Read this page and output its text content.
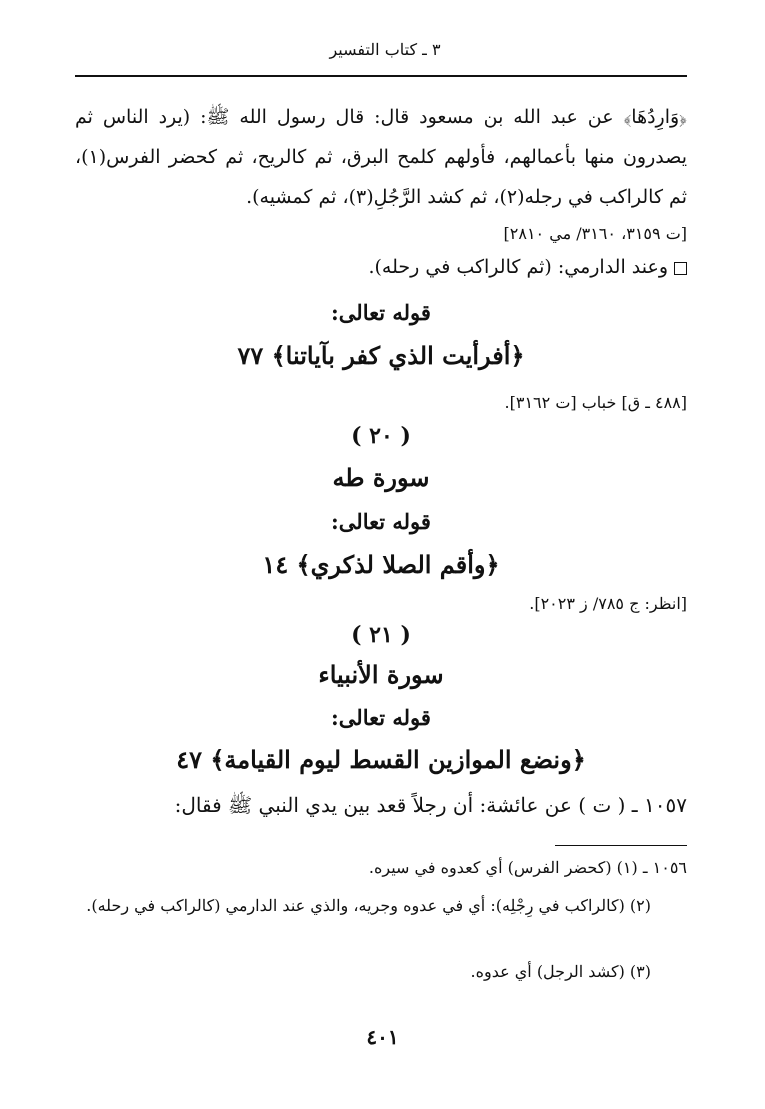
٣ ـ كتاب التفسير
﴿وَارِدُهَا﴾ عن عبد الله بن مسعود قال: قال رسول الله ﷺ: (يرد الناس ثم يصدرون منها بأعمالهم، فأولهم كلمح البرق، ثم كالريح، ثم كحضر الفرس(١)، ثم كالراكب في رجله(٢)، ثم كشد الرَّجُلِ(٣)، ثم كمشيه).
[ت ٣١٥٩، ٣١٦٠/ مي ٢٨١٠]
وعند الدارمي: (ثم كالراكب في رحله).
قوله تعالى:
﴿أفرأيت الذي كفر بآياتنا﴾ ٧٧
[٤٨٨ ـ ق] خباب [ت ٣١٦٢].
( ٢٠ )
سورة طه
قوله تعالى:
﴿وأقم الصلا لذكري﴾ ١٤
[انظر: ج ٧٨٥/ ز ٢٠٢٣].
( ٢١ )
سورة الأنبياء
قوله تعالى:
﴿ونضع الموازين القسط ليوم القيامة﴾ ٤٧
١٠٥٧ ـ ( ت ) عن عائشة: أن رجلاً قعد بين يدي النبي ﷺ فقال:
١٠٥٦ ـ (١) (كحضر الفرس) أي كعدوه في سيره.
(٢) (كالراكب في رِجْلِه): أي في عدوه وجريه، والذي عند الدارمي (كالراكب في رحله).
(٣) (كشد الرجل) أي عدوه.
٤٠١
